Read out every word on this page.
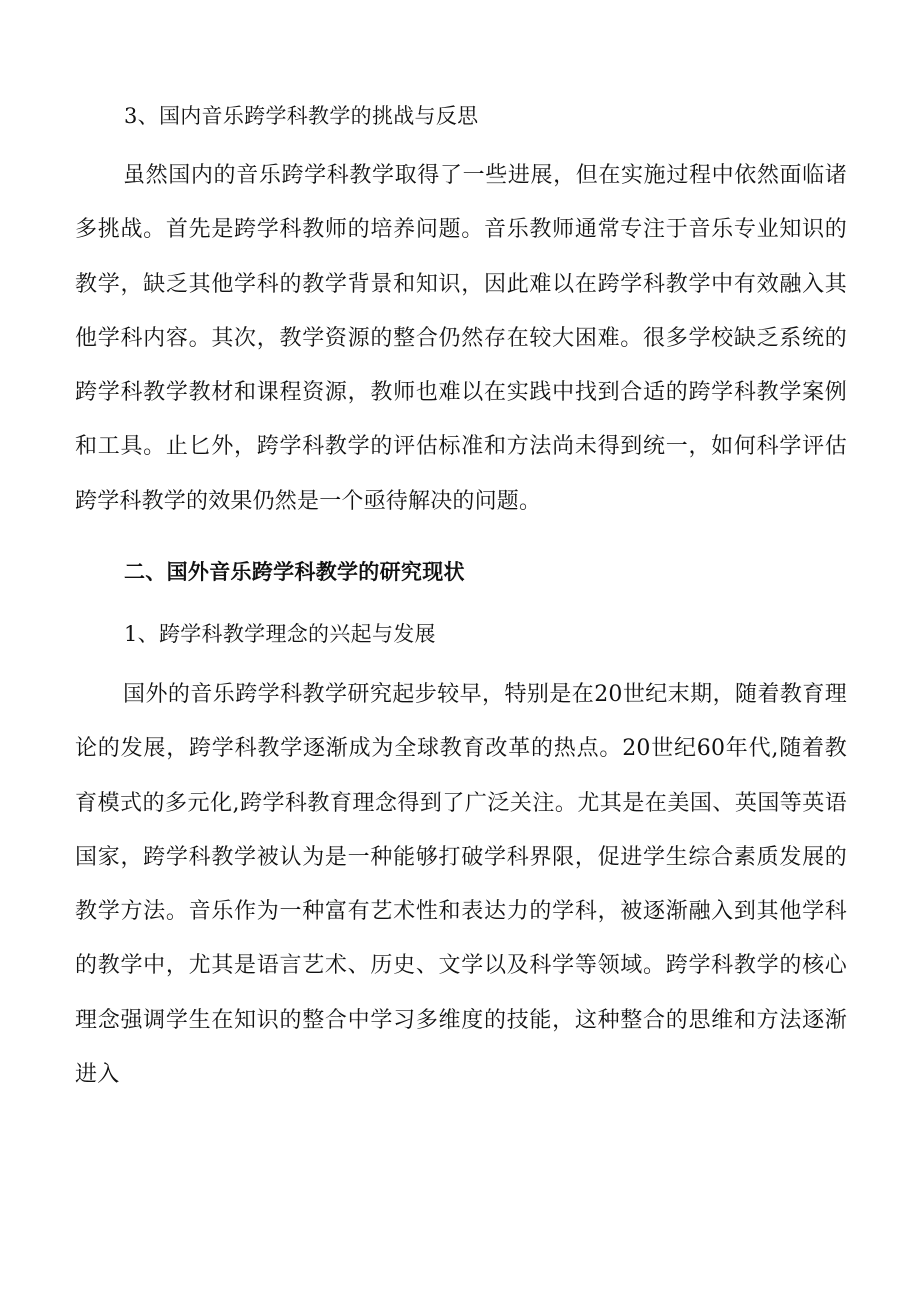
3、国内音乐跨学科教学的挑战与反思
虽然国内的音乐跨学科教学取得了一些进展，但在实施过程中依然面临诸多挑战。首先是跨学科教师的培养问题。音乐教师通常专注于音乐专业知识的教学，缺乏其他学科的教学背景和知识，因此难以在跨学科教学中有效融入其他学科内容。其次，教学资源的整合仍然存在较大困难。很多学校缺乏系统的跨学科教学教材和课程资源，教师也难以在实践中找到合适的跨学科教学案例和工具。止匕外，跨学科教学的评估标准和方法尚未得到统一，如何科学评估跨学科教学的效果仍然是一个亟待解决的问题。
二、国外音乐跨学科教学的研究现状
1、跨学科教学理念的兴起与发展
国外的音乐跨学科教学研究起步较早，特别是在20世纪末期，随着教育理论的发展，跨学科教学逐渐成为全球教育改革的热点。20世纪60年代,随着教育模式的多元化,跨学科教育理念得到了广泛关注。尤其是在美国、英国等英语国家，跨学科教学被认为是一种能够打破学科界限，促进学生综合素质发展的教学方法。音乐作为一种富有艺术性和表达力的学科，被逐渐融入到其他学科的教学中，尤其是语言艺术、历史、文学以及科学等领域。跨学科教学的核心理念强调学生在知识的整合中学习多维度的技能，这种整合的思维和方法逐渐进入
